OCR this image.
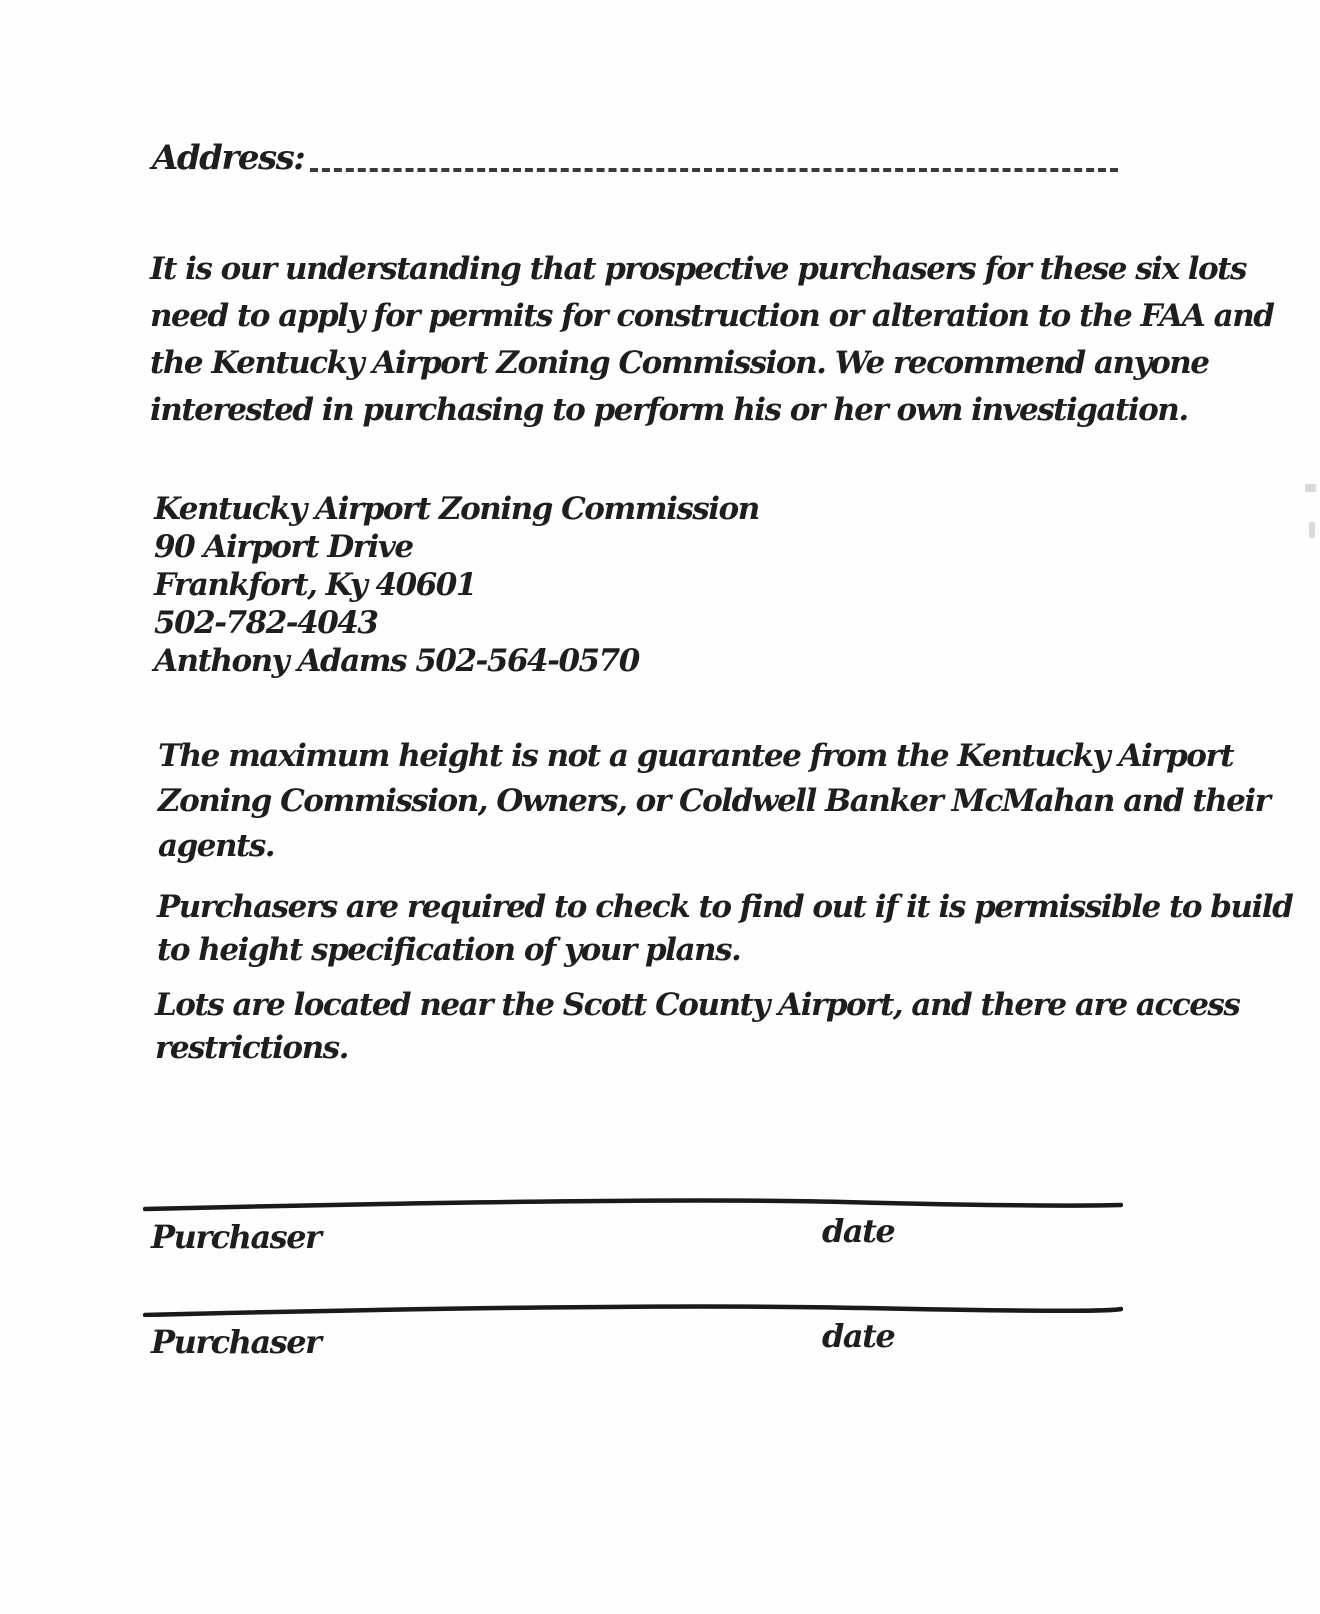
Address:
It is our understanding that prospective purchasers for these six lots
need to apply for permits for construction or alteration to the FAA and
the Kentucky Airport Zoning Commission. We recommend anyone
interested in purchasing to perform his or her own investigation.
Kentucky Airport Zoning Commission
90 Airport Drive
Frankfort, Ky 40601
502-782-4043
Anthony Adams 502-564-0570
The maximum height is not a guarantee from the Kentucky Airport
Zoning Commission, Owners, or Coldwell Banker McMahan and their
agents.
Purchasers are required to check to find out if it is permissible to build
to height specification of your plans.
Lots are located near the Scott County Airport, and there are access
restrictions.
Purchaser	date
Purchaser	date
